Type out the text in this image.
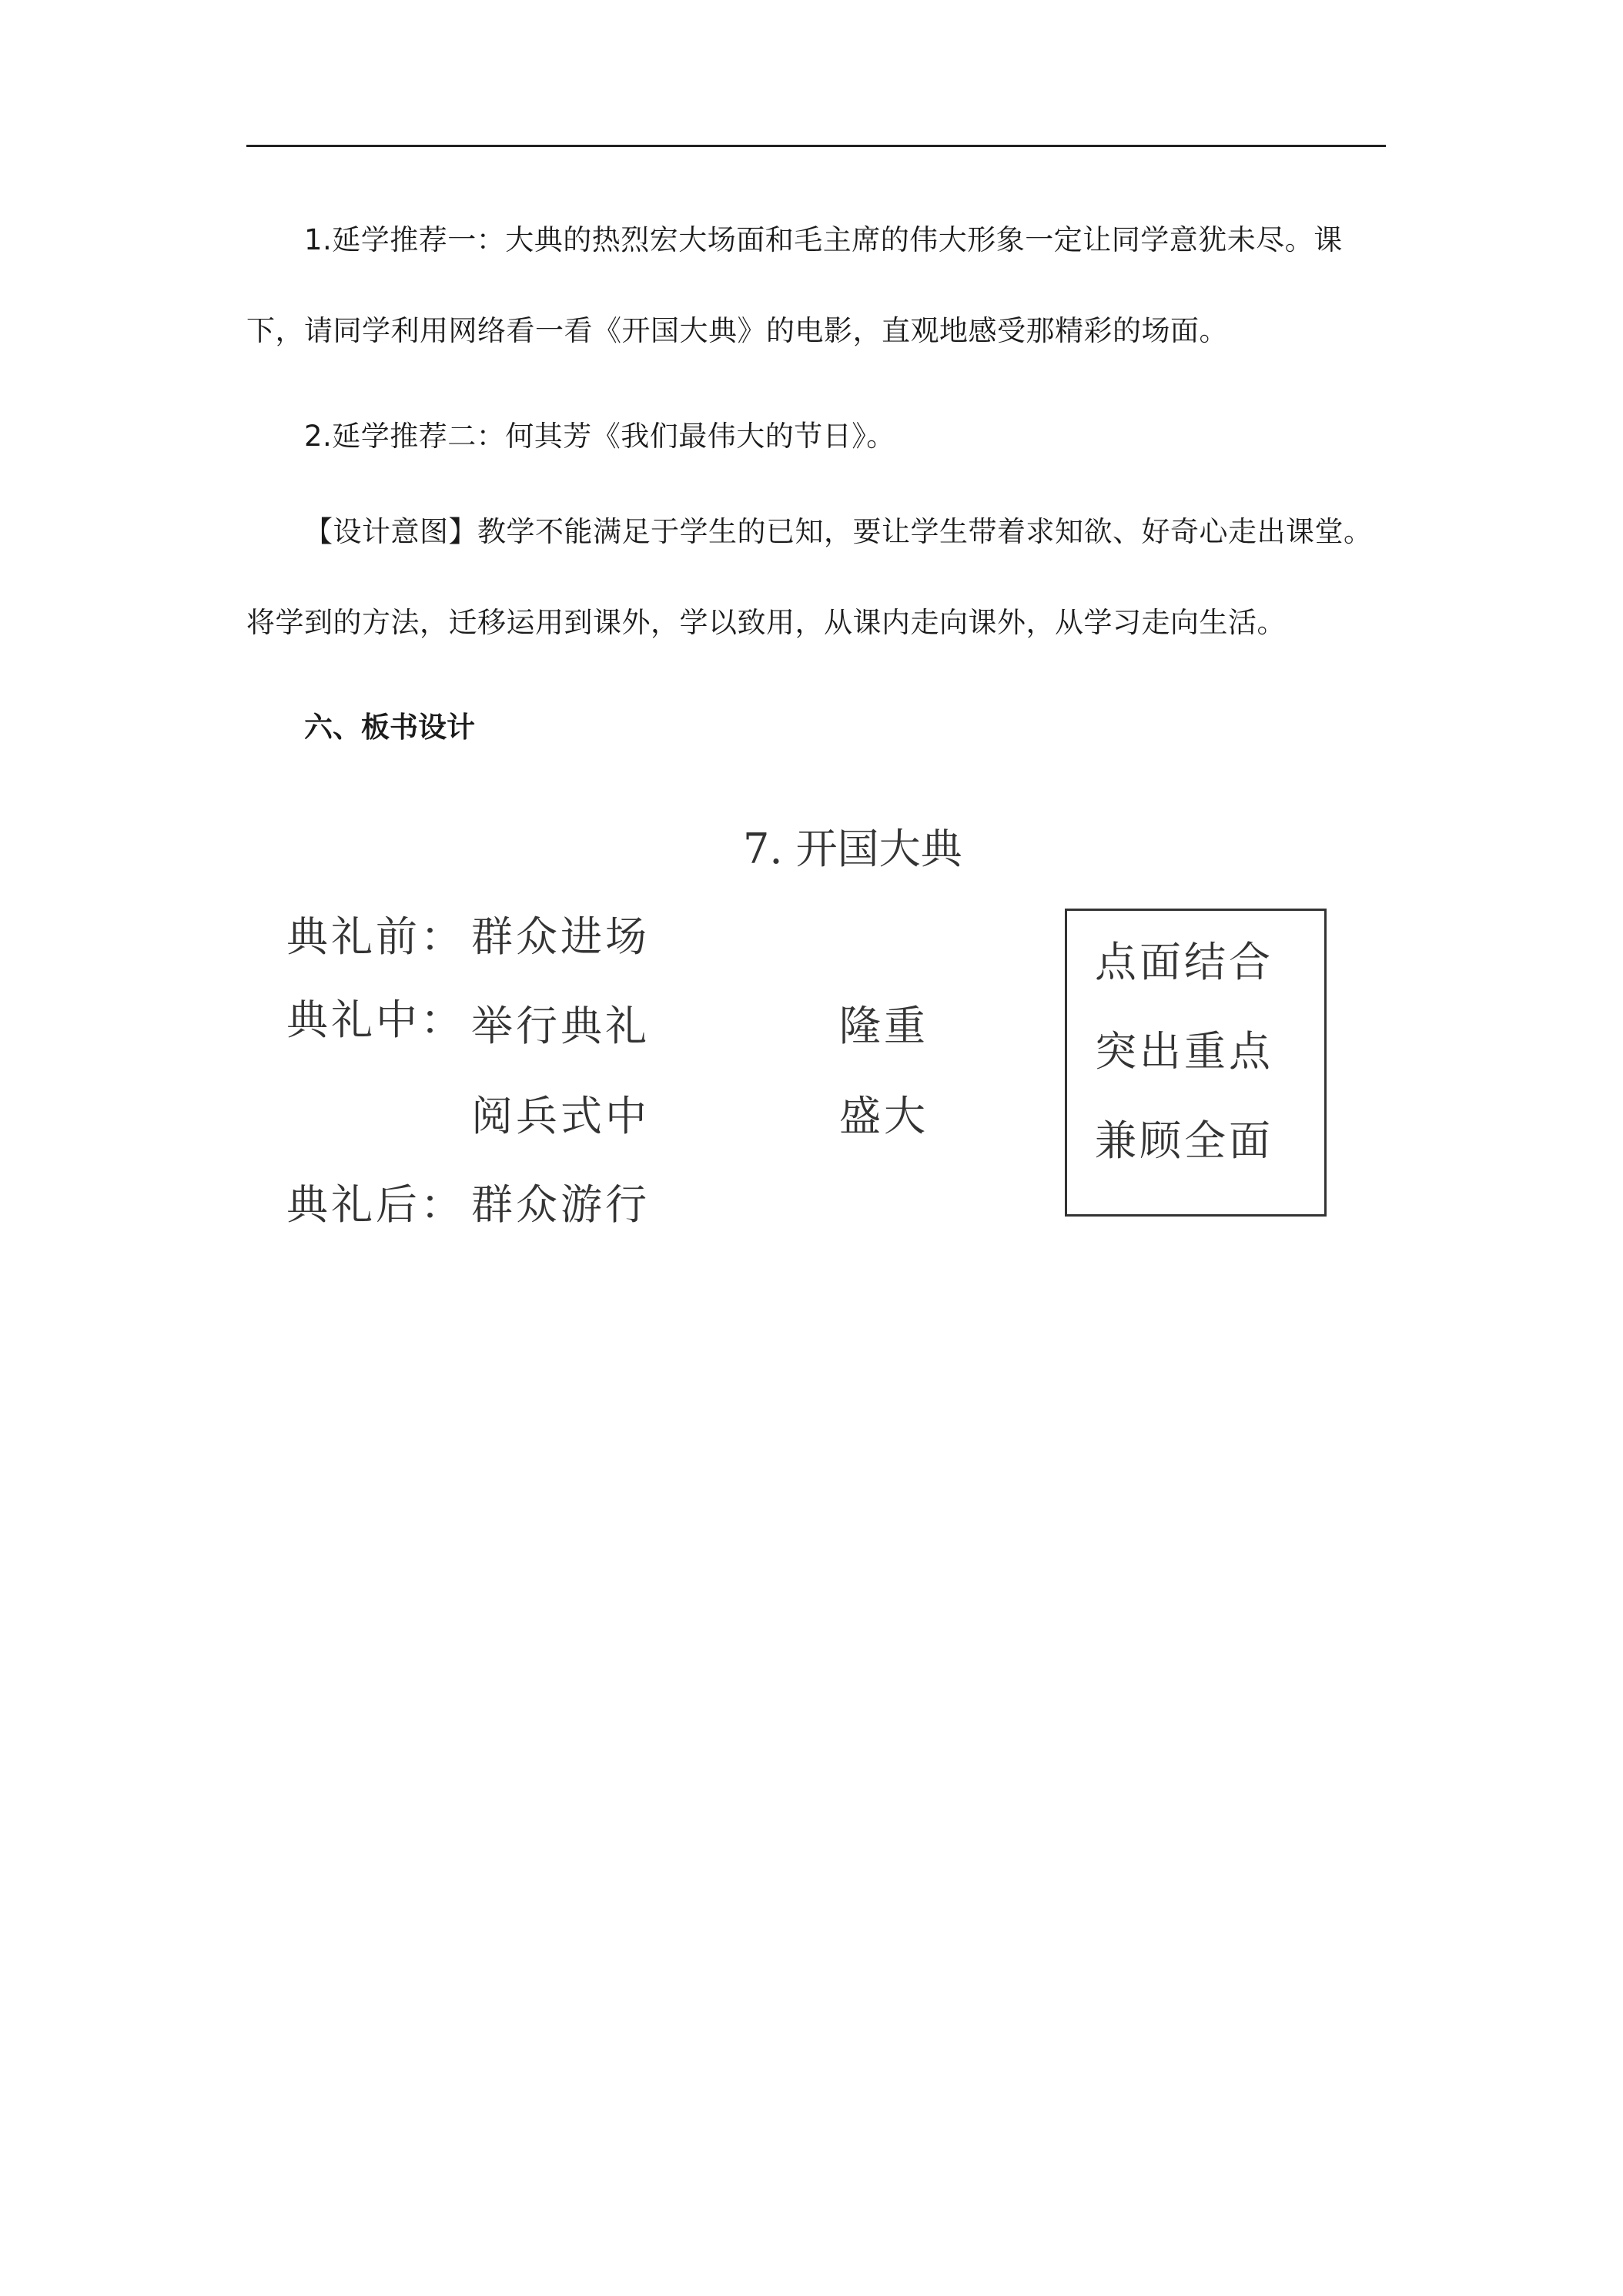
1.延学推荐一：大典的热烈宏大场面和毛主席的伟大形象一定让同学意犹未尽。课下，请同学利用网络看一看《开国大典》的电影，直观地感受那精彩的场面。

2.延学推荐二：何其芳《我们最伟大的节日》。

【设计意图】教学不能满足于学生的已知，要让学生带着求知欲、好奇心走出课堂。将学到的方法，迁移运用到课外，学以致用，从课内走向课外，从学习走向生活。

六、板书设计
7. 开国大典
典礼前： 群众进场
典礼中： 举行典礼
阅兵式中
典礼后： 群众游行
隆重
盛大
点面结合
突出重点
兼顾全面
